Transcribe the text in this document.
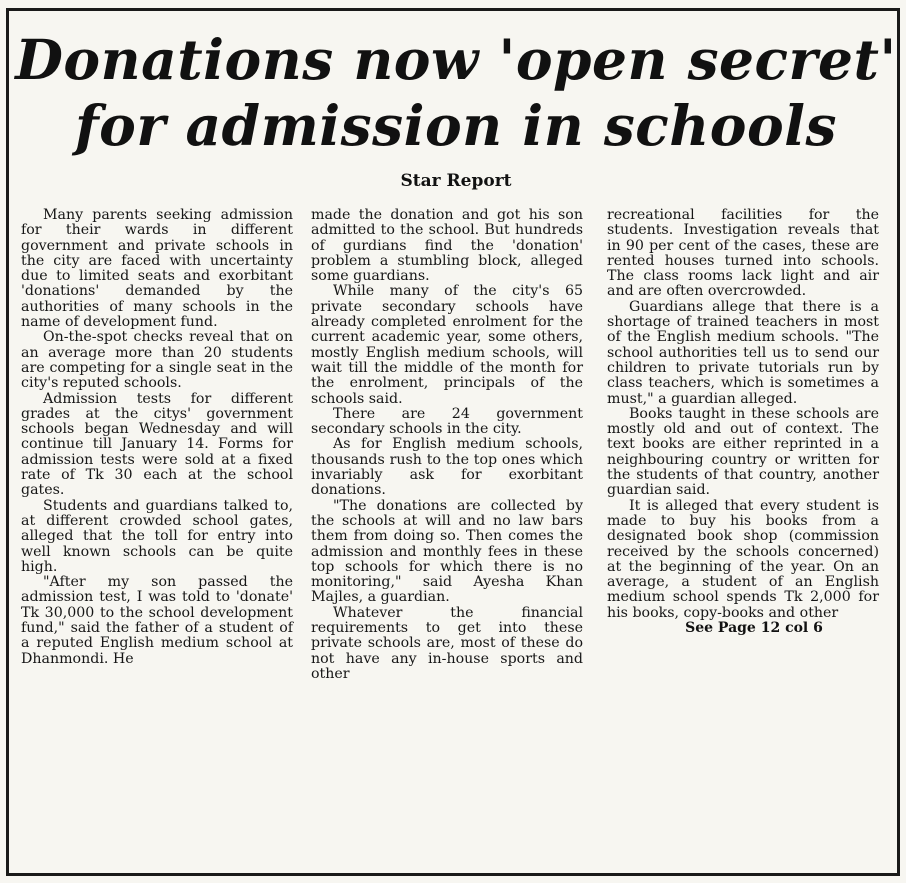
Donations now 'open secret'
for admission in schools

Star Report

Many parents seeking admission for their wards in different government and private schools in the city are faced with uncertainty due to limited seats and exorbitant 'donations' demanded by the authorities of many schools in the name of development fund.

On-the-spot checks reveal that on an average more than 20 students are competing for a single seat in the city's reputed schools.

Admission tests for different grades at the citys' government schools began Wednesday and will continue till January 14. Forms for admission tests were sold at a fixed rate of Tk 30 each at the school gates.

Students and guardians talked to, at different crowded school gates, alleged that the toll for entry into well known schools can be quite high.

"After my son passed the admission test, I was told to 'donate' Tk 30,000 to the school development fund," said the father of a student of a reputed English medium school at Dhanmondi. He

made the donation and got his son admitted to the school. But hundreds of gurdians find the 'donation' problem a stumbling block, alleged some guardians.

While many of the city's 65 private secondary schools have already completed enrolment for the current academic year, some others, mostly English medium schools, will wait till the middle of the month for the enrolment, principals of the schools said.

There are 24 government secondary schools in the city.

As for English medium schools, thousands rush to the top ones which invariably ask for exorbitant donations.

"The donations are collected by the schools at will and no law bars them from doing so. Then comes the admission and monthly fees in these top schools for which there is no monitoring," said Ayesha Khan Majles, a guardian.

Whatever the financial requirements to get into these private schools are, most of these do not have any in-house sports and other

recreational facilities for the students. Investigation reveals that in 90 per cent of the cases, these are rented houses turned into schools. The class rooms lack light and air and are often overcrowded.

Guardians allege that there is a shortage of trained teachers in most of the English medium schools. "The school authorities tell us to send our children to private tutorials run by class teachers, which is sometimes a must," a guardian alleged.

Books taught in these schools are mostly old and out of context. The text books are either reprinted in a neighbouring country or written for the students of that country, another guardian said.

It is alleged that every student is made to buy his books from a designated book shop (commission received by the schools concerned) at the beginning of the year. On an average, a student of an English medium school spends Tk 2,000 for his books, copy-books and other

See Page 12 col 6
